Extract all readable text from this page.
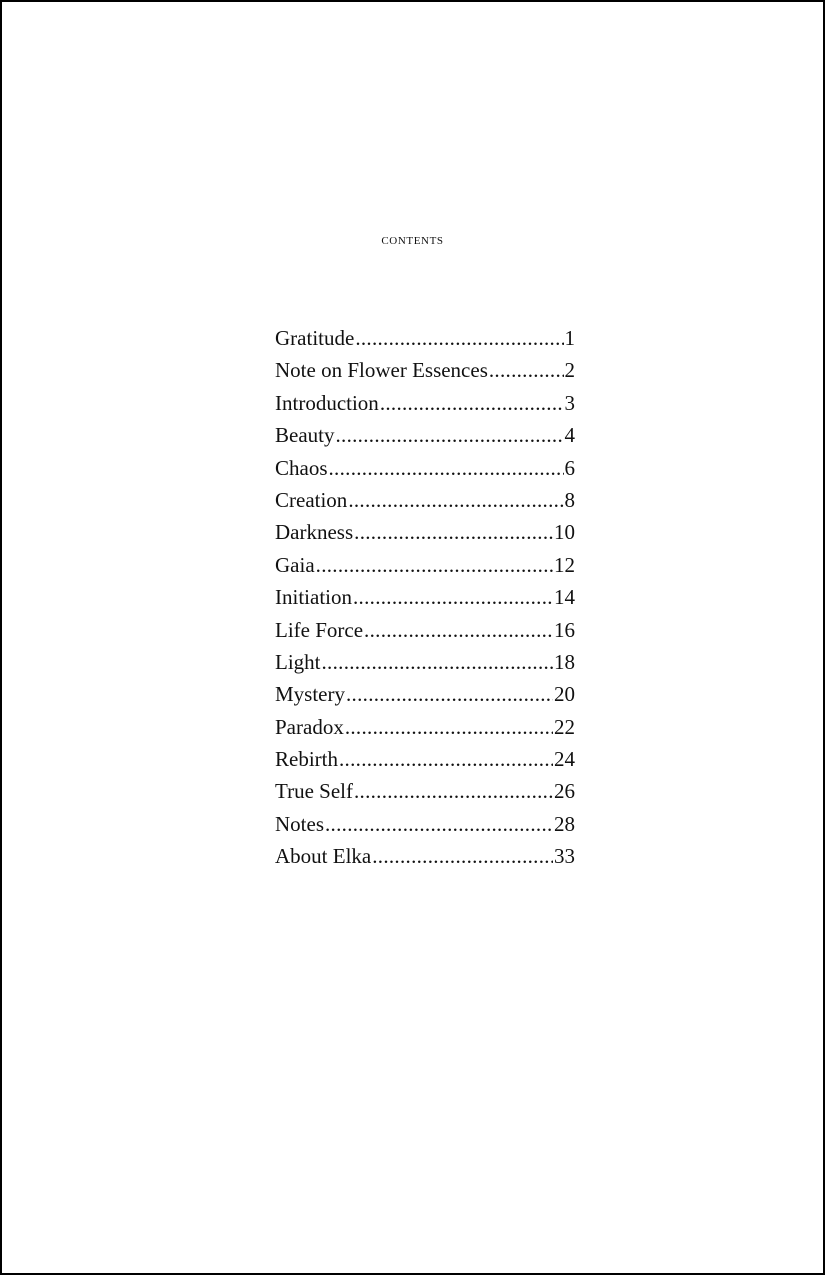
contents
Gratitude .....	1
Note on Flower Essences .....	2
Introduction .....	3
Beauty .....	4
Chaos .....	6
Creation .....	8
Darkness .....	10
Gaia .....	12
Initiation .....	14
Life Force .....	16
Light .....	18
Mystery .....	20
Paradox .....	22
Rebirth .....	24
True Self .....	26
Notes .....	28
About Elka .....	33
